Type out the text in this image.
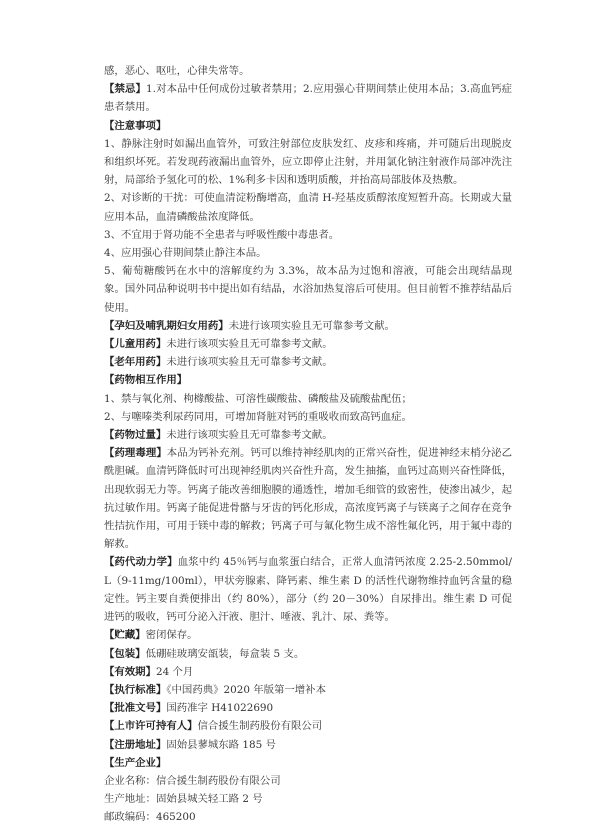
感，恶心、呕吐，心律失常等。

【禁忌】1.对本品中任何成份过敏者禁用；2.应用强心苷期间禁止使用本品；3.高血钙症患者禁用。

【注意事项】

1、静脉注射时如漏出血管外，可致注射部位皮肤发红、皮疹和疼痛，并可随后出现脱皮和组织坏死。若发现药液漏出血管外，应立即停止注射，并用氯化钠注射液作局部冲洗注射，局部给予氢化可的松、1%利多卡因和透明质酸，并抬高局部肢体及热敷。

2、对诊断的干扰：可使血清淀粉酶增高，血清 H-羟基皮质醇浓度短暂升高。长期或大量应用本品，血清磷酸盐浓度降低。

3、不宜用于肾功能不全患者与呼吸性酸中毒患者。

4、应用强心苷期间禁止静注本品。

5、葡萄糖酸钙在水中的溶解度约为 3.3%，故本品为过饱和溶液，可能会出现结晶现象。国外同品种说明书中提出如有结晶，水浴加热复溶后可使用。但目前暂不推荐结晶后使用。

【孕妇及哺乳期妇女用药】未进行该项实验且无可靠参考文献。

【儿童用药】未进行该项实验且无可靠参考文献。

【老年用药】未进行该项实验且无可靠参考文献。

【药物相互作用】

1、禁与氧化剂、枸橼酸盐、可溶性碳酸盐、磷酸盐及硫酸盐配伍；

2、与噻嗪类利尿药同用，可增加肾脏对钙的重吸收而致高钙血症。

【药物过量】未进行该项实验且无可靠参考文献。

【药理毒理】本品为钙补充剂。钙可以维持神经肌肉的正常兴奋性，促进神经末梢分泌乙酰胆碱。血清钙降低时可出现神经肌肉兴奋性升高，发生抽搐，血钙过高则兴奋性降低，出现软弱无力等。钙离子能改善细胞膜的通透性，增加毛细管的致密性，使渗出减少，起抗过敏作用。钙离子能促进骨骼与牙齿的钙化形成，高浓度钙离子与镁离子之间存在竞争性拮抗作用，可用于镁中毒的解救；钙离子可与氟化物生成不溶性氟化钙，用于氟中毒的解救。

【药代动力学】血浆中约 45％钙与血浆蛋白结合，正常人血清钙浓度 2.25-2.50mmol/L（9-11mg/100ml），甲状旁腺素、降钙素、维生素 D 的活性代谢物维持血钙含量的稳定性。钙主要自粪便排出（约 80%），部分（约 20－30%）自尿排出。维生素 D 可促进钙的吸收，钙可分泌入汗液、胆汁、唾液、乳汁、尿、粪等。

【贮藏】密闭保存。

【包装】低硼硅玻璃安瓿装，每盒装 5 支。

【有效期】24 个月

【执行标准】《中国药典》2020 年版第一增补本

【批准文号】国药准字 H41022690

【上市许可持有人】信合援生制药股份有限公司

【注册地址】固始县蓼城东路 185 号

【生产企业】

企业名称：信合援生制药股份有限公司

生产地址：固始县城关轻工路 2 号

邮政编码：465200
